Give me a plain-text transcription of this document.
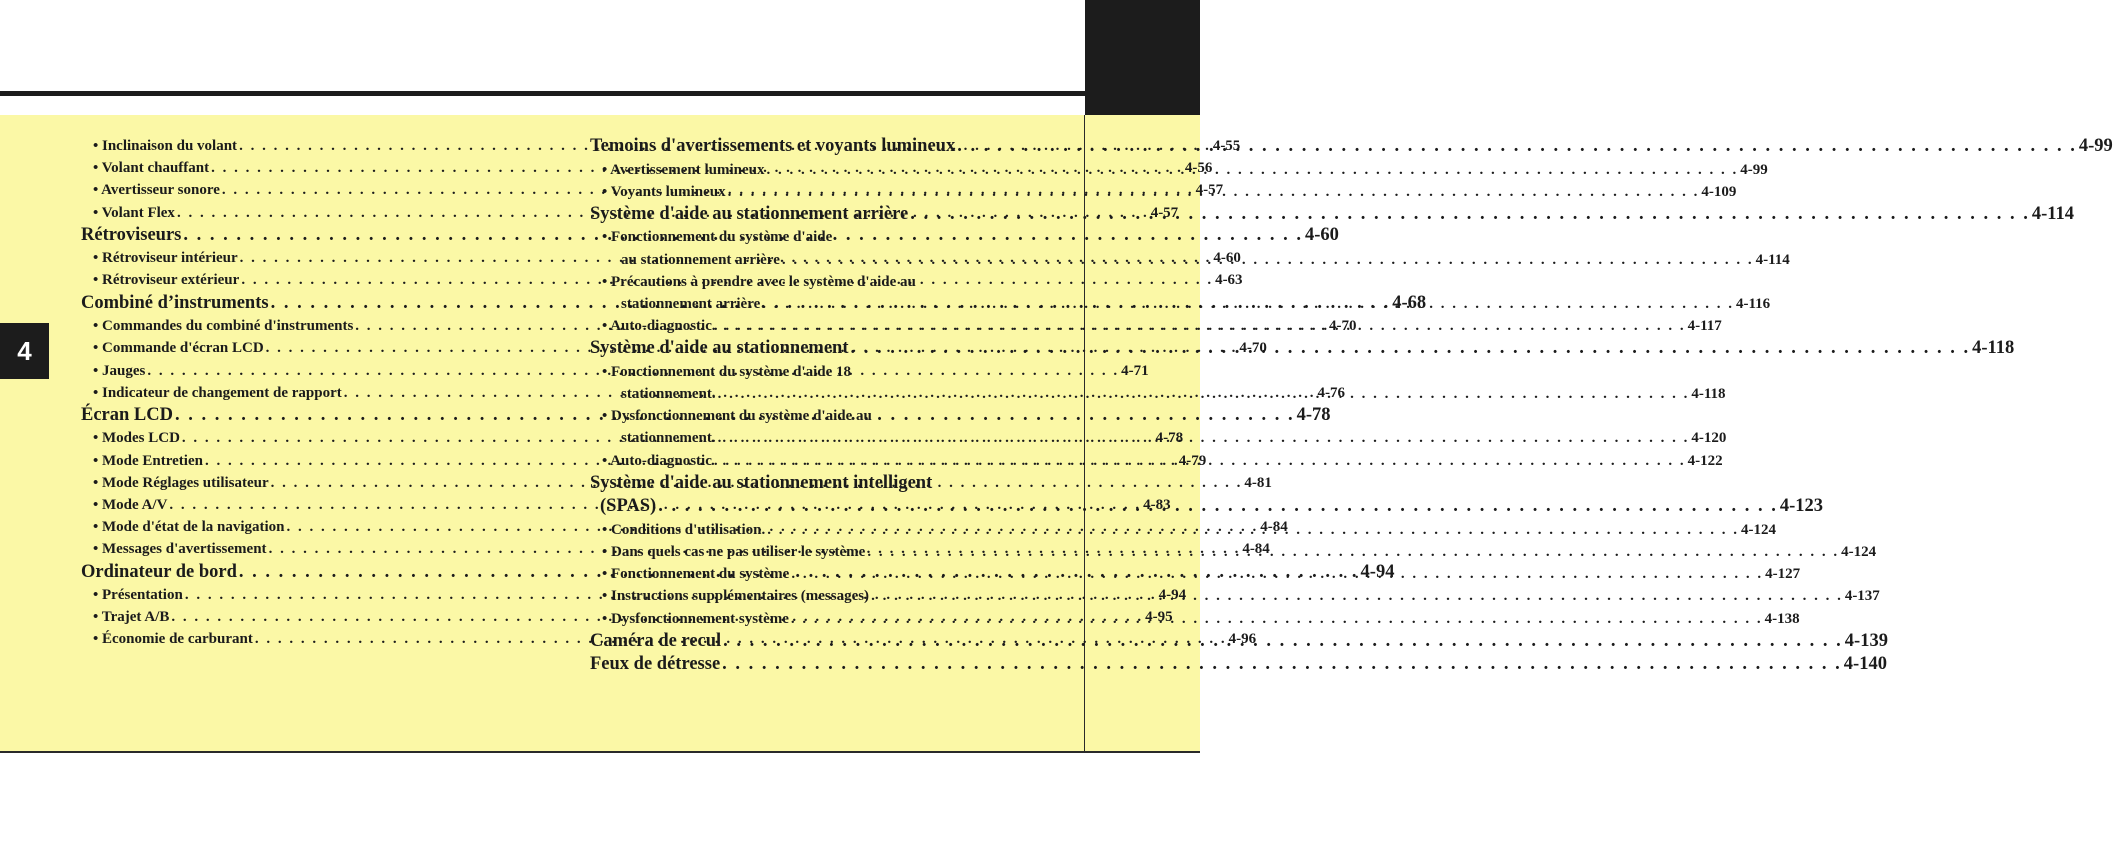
4
• Inclinaison du volant . . .	4-55
• Volant chauffant . . .	4-56
• Avertisseur sonore . . .	4-57
• Volant Flex . . .	4-57
Rétroviseurs . . .	4-60
• Rétroviseur intérieur . . .	4-60
• Rétroviseur extérieur . . .	4-63
Combiné d’instruments . . .	4-68
• Commandes du combiné d'instruments . . .	4-70
• Commande d'écran LCD . . .	4-70
• Jauges . . .	4-71
• Indicateur de changement de rapport . . .	4-76
Écran LCD . . .	4-78
• Modes LCD . . .	4-78
• Mode Entretien . . .	4-79
• Mode Réglages utilisateur . . .	4-81
• Mode A/V . . .	4-83
• Mode d'état de la navigation . . .	4-84
• Messages d'avertissement . . .	4-84
Ordinateur de bord . . .	4-94
• Présentation . . .	4-94
• Trajet A/B . . .	4-95
• Économie de carburant . . .	4-96
Temoins d'avertissements et voyants lumineux . . .	4-99
• Avertissement lumineux . . .	4-99
• Voyants lumineux . . .	4-109
Système d'aide au stationnement arrière . . .	4-114
• Fonctionnement du système d'aide
au stationnement arrière . . .	4-114
• Précautions à prendre avec le système d'aide au
stationnement arrière . . .	4-116
• Auto-diagnostic . . .	4-117
Système d'aide au stationnement . . .	4-118
• Fonctionnement du système d'aide 18
stationnement. . . .	4-118
• Dysfonctionnement du système d'aide au
stationnement. . . .	4-120
• Auto-diagnostic . . .	4-122
Système d'aide au stationnement intelligent
(SPAS) . . .	4-123
• Conditions d'utilisation. . . .	4-124
• Dans quels cas ne pas utiliser le système . . .	4-124
• Fonctionnement du système . . .	4-127
• Instructions supplémentaires (messages) . . .	4-137
• Dysfonctionnement système . . .	4-138
Caméra de recul . . .	4-139
Feux de détresse . . .	4-140
